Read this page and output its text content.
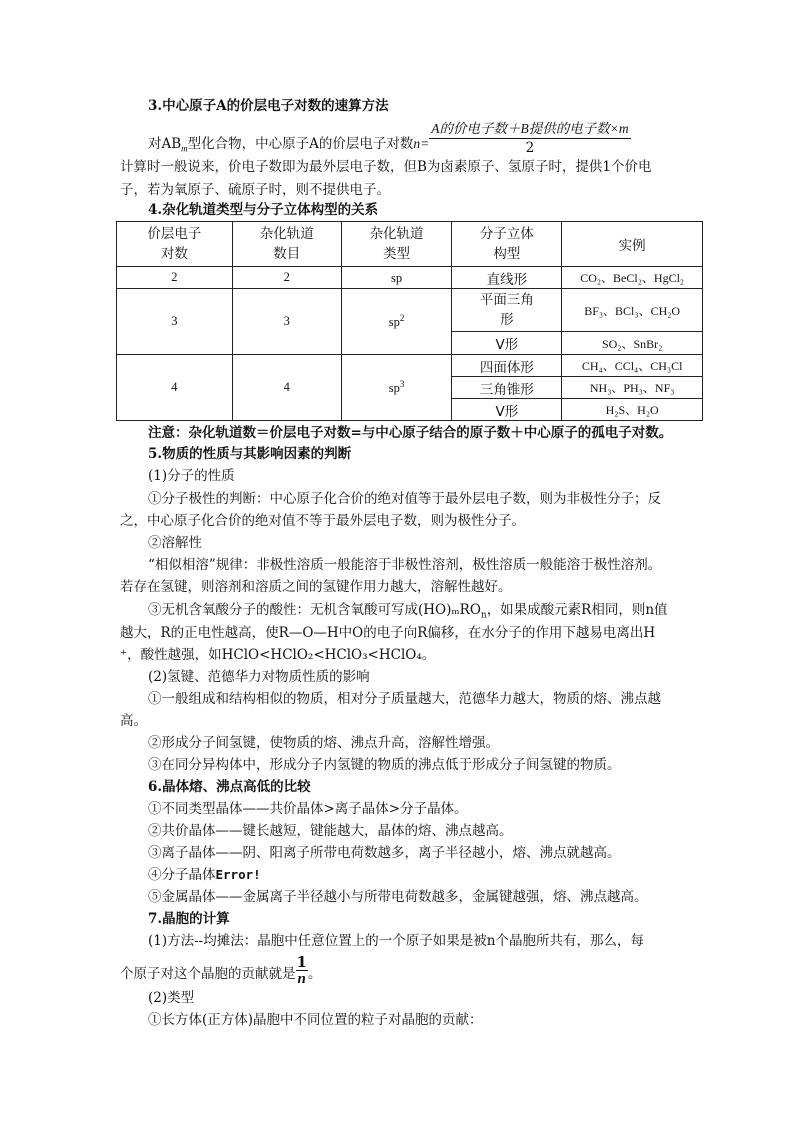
3.中心原子A的价层电子对数的速算方法
对$AB_m$型化合物，中心原子A的价层电子对数$n= \frac{\text{A的价电子数＋B提供的电子数×m}}{2}$
计算时一般说来，价电子数即为最外层电子数，但B为卤素原子、氢原子时，提供1个价电
子，若为氧原子、硫原子时，则不提供电子。
4.杂化轨道类型与分子立体构型的关系
价层电子对数	杂化轨道数目	杂化轨道类型	分子立体构型	实例
2	2	sp	直线形	CO₂、BeCl₂、HgCl₂
3	3	$sp^2$	平面三角形	BF₃、BCl₃、CH₂O
			V形	SO₂、SnBr₂
4	4	$sp^3$	四面体形	CH₄、CCl₄、CH₃Cl
			三角锥形	NH₃、PH₃、NF₃
			V形	H₂S、H₂O
注意：杂化轨道数＝价层电子对数=与中心原子结合的原子数＋中心原子的孤电子对数。
5.物质的性质与其影响因素的判断
(1)分子的性质
①分子极性的判断：中心原子化合价的绝对值等于最外层电子数，则为非极性分子；反
之，中心原子化合价的绝对值不等于最外层电子数，则为极性分子。
②溶解性
“相似相溶”规律：非极性溶质一般能溶于非极性溶剂，极性溶质一般能溶于极性溶剂。
若存在氢键，则溶剂和溶质之间的氢键作用力越大，溶解性越好。
③无机含氧酸分子的酸性：无机含氧酸可写成(HO)ₘRO$_n$，如果成酸元素R相同，则n值
越大，R的正电性越高，使R—O—H中O的电子向R偏移，在水分子的作用下越易电离出H
⁺，酸性越强，如HClO<HClO₂<HClO₃<HClO₄。
(2)氢键、范德华力对物质性质的影响
①一般组成和结构相似的物质，相对分子质量越大，范德华力越大，物质的熔、沸点越
高。
②形成分子间氢键，使物质的熔、沸点升高，溶解性增强。
③在同分异构体中，形成分子内氢键的物质的沸点低于形成分子间氢键的物质。
6.晶体熔、沸点高低的比较
①不同类型晶体——共价晶体>离子晶体>分子晶体。
②共价晶体——键长越短，键能越大，晶体的熔、沸点越高。
③离子晶体——阴、阳离子所带电荷数越多，离子半径越小，熔、沸点就越高。
④分子晶体Error!
⑤金属晶体——金属离子半径越小与所带电荷数越多，金属键越强，熔、沸点越高。
7.晶胞的计算
(1)方法--均摊法：晶胞中任意位置上的一个原子如果是被n个晶胞所共有，那么，每
个原子对这个晶胞的贡献就是 $\frac{1}{n}$ 。
(2)类型
①长方体(正方体)晶胞中不同位置的粒子对晶胞的贡献：
